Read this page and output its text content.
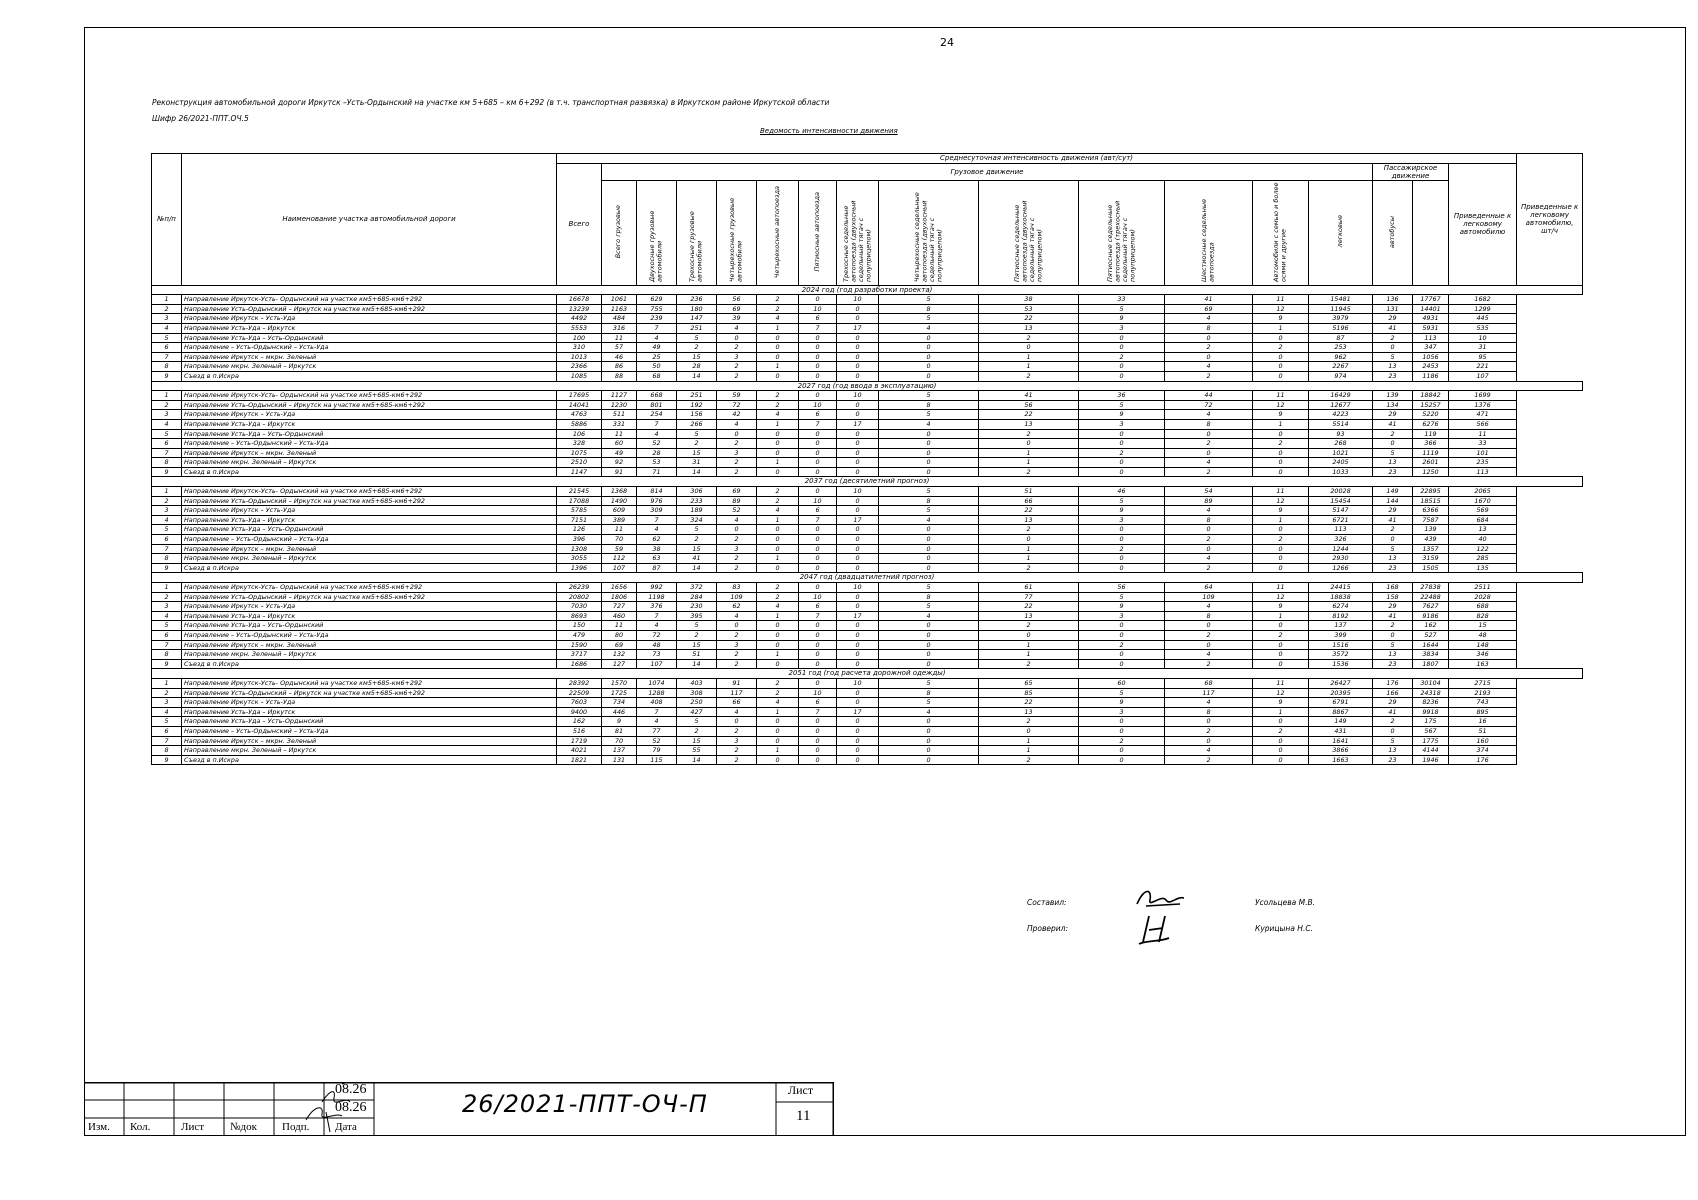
24
Реконструкция автомобильной дороги Иркутск –Усть-Ордынский на участке км 5+685 – км 6+292 (в т.ч. транспортная развязка) в Иркутском районе Иркутской области
Шифр 26/2021-ППТ.ОЧ.5
Ведомость интенсивности движения
№п/п	Наименование участка автомобильной дороги	Среднесуточная интенсивность движения (авт/сут)																	Приведенные к легковому автомобилю, шт/ч
		Всего	Грузовое движение													Пассажирское движение		Приведенные к легковому автомобилю	
			Всего грузовые	Двухосные грузовые автомобили	Трехосные грузовые автомобили	Четырехосные грузовые автомобили	Четырехосные автопоезда	Пятиосные автопоезда	Трехосные седельные автопоезда (двухосный седельный тягач с полуприцепом)	Четырехосные седельные автопоезда (двухосный седельный тягач с полуприцепом)	Пятиосные седельные автопоезда (двухосный седельный тягач с полуприцепом)	Пятиосные седельные автопоезда (трехосный седельный тягач с полуприцепом)	Шестиосные седельные автопоезда	Автомобили с семью и более осями и другие	легковые	автобусы			
2024 год (год разработки проекта)																			
1	Направление Иркутск-Усть- Ордынский на участке км5+685-км6+292	16678	1061	629	236	56	2	0	10	5	38	33	41	11	15481	136	17767	1682	
2	Направление Усть-Ордынский – Иркутск на участке км5+685-км6+292	13239	1163	755	180	69	2	10	0	8	53	5	69	12	11945	131	14401	1299	
3	Направление Иркутск – Усть-Уда	4492	484	239	147	39	4	6	0	5	22	9	4	9	3979	29	4931	445	
4	Направление Усть-Уда – Иркутск	5553	316	7	251	4	1	7	17	4	13	3	8	1	5196	41	5931	535	
5	Направление Усть-Уда – Усть-Ордынский	100	11	4	5	0	0	0	0	0	2	0	0	0	87	2	113	10	
6	Направление – Усть-Ордынский – Усть-Уда	310	57	49	2	2	0	0	0	0	0	0	2	2	253	0	347	31	
7	Направление Иркутск – мкрн. Зеленый	1013	46	25	15	3	0	0	0	0	1	2	0	0	962	5	1056	95	
8	Направление мкрн. Зеленый – Иркутск	2366	86	50	28	2	1	0	0	0	1	0	4	0	2267	13	2453	221	
9	Съезд в п.Искра	1085	88	68	14	2	0	0	0	0	2	0	2	0	974	23	1186	107	
2027 год (год ввода в эксплуатацию)																			
1	Направление Иркутск-Усть- Ордынский на участке км5+685-км6+292	17695	1127	668	251	59	2	0	10	5	41	36	44	11	16429	139	18842	1699	
2	Направление Усть-Ордынский – Иркутск на участке км5+685-км6+292	14041	1230	801	192	72	2	10	0	8	56	5	72	12	12677	134	15257	1376	
3	Направление Иркутск – Усть-Уда	4763	511	254	156	42	4	6	0	5	22	9	4	9	4223	29	5220	471	
4	Направление Усть-Уда – Иркутск	5886	331	7	266	4	1	7	17	4	13	3	8	1	5514	41	6276	566	
5	Направление Усть-Уда – Усть-Ордынский	106	11	4	5	0	0	0	0	0	2	0	0	0	93	2	119	11	
6	Направление – Усть-Ордынский – Усть-Уда	328	60	52	2	2	0	0	0	0	0	0	2	2	268	0	366	33	
7	Направление Иркутск – мкрн. Зеленый	1075	49	28	15	3	0	0	0	0	1	2	0	0	1021	5	1119	101	
8	Направление мкрн. Зеленый – Иркутск	2510	92	53	31	2	1	0	0	0	1	0	4	0	2405	13	2601	235	
9	Съезд в п.Искра	1147	91	71	14	2	0	0	0	0	2	0	2	0	1033	23	1250	113	
2037 год (десятилетний прогноз)																			
1	Направление Иркутск-Усть- Ордынский на участке км5+685-км6+292	21545	1368	814	306	69	2	0	10	5	51	46	54	11	20028	149	22895	2065	
2	Направление Усть-Ордынский – Иркутск на участке км5+685-км6+292	17088	1490	976	233	89	2	10	0	8	66	5	89	12	15454	144	18515	1670	
3	Направление Иркутск – Усть-Уда	5785	609	309	189	52	4	6	0	5	22	9	4	9	5147	29	6366	569	
4	Направление Усть-Уда – Иркутск	7151	389	7	324	4	1	7	17	4	13	3	8	1	6721	41	7587	684	
5	Направление Усть-Уда – Усть-Ордынский	126	11	4	5	0	0	0	0	0	2	0	0	0	113	2	139	13	
6	Направление – Усть-Ордынский – Усть-Уда	396	70	62	2	2	0	0	0	0	0	0	2	2	326	0	439	40	
7	Направление Иркутск – мкрн. Зеленый	1308	59	38	15	3	0	0	0	0	1	2	0	0	1244	5	1357	122	
8	Направление мкрн. Зеленый – Иркутск	3055	112	63	41	2	1	0	0	0	1	0	4	0	2930	13	3159	285	
9	Съезд в п.Искра	1396	107	87	14	2	0	0	0	0	2	0	2	0	1266	23	1505	135	
2047 год (двадцатилетний прогноз)																			
1	Направление Иркутск-Усть- Ордынский на участке км5+685-км6+292	26239	1656	992	372	83	2	0	10	5	61	56	64	11	24415	168	27838	2511	
2	Направление Усть-Ордынский – Иркутск на участке км5+685-км6+292	20802	1806	1198	284	109	2	10	0	8	77	5	109	12	18838	158	22488	2028	
3	Направление Иркутск – Усть-Уда	7030	727	376	230	62	4	6	0	5	22	9	4	9	6274	29	7627	688	
4	Направление Усть-Уда – Иркутск	8693	460	7	395	4	1	7	17	4	13	3	8	1	8192	41	9186	828	
5	Направление Усть-Уда – Усть-Ордынский	150	11	4	5	0	0	0	0	0	2	0	0	0	137	2	162	15	
6	Направление – Усть-Ордынский – Усть-Уда	479	80	72	2	2	0	0	0	0	0	0	2	2	399	0	527	48	
7	Направление Иркутск – мкрн. Зеленый	1590	69	48	15	3	0	0	0	0	1	2	0	0	1516	5	1644	148	
8	Направление мкрн. Зеленый – Иркутск	3717	132	73	51	2	1	0	0	0	1	0	4	0	3572	13	3834	346	
9	Съезд в п.Искра	1686	127	107	14	2	0	0	0	0	2	0	2	0	1536	23	1807	163	
2051 год (год расчета дорожной одежды)																			
1	Направление Иркутск-Усть- Ордынский на участке км5+685-км6+292	28392	1570	1074	403	91	2	0	10	5	65	60	68	11	26427	176	30104	2715	
2	Направление Усть-Ордынский – Иркутск на участке км5+685-км6+292	22509	1725	1288	308	117	2	10	0	8	85	5	117	12	20395	166	24318	2193	
3	Направление Иркутск – Усть-Уда	7603	734	408	250	66	4	6	0	5	22	9	4	9	6791	29	8236	743	
4	Направление Усть-Уда – Иркутск	9400	446	7	427	4	1	7	17	4	13	3	8	1	8867	41	9918	895	
5	Направление Усть-Уда – Усть-Ордынский	162	9	4	5	0	0	0	0	0	2	0	0	0	149	2	175	16	
6	Направление – Усть-Ордынский – Усть-Уда	516	81	77	2	2	0	0	0	0	0	0	2	2	431	0	567	51	
7	Направление Иркутск – мкрн. Зеленый	1719	70	52	15	3	0	0	0	0	1	2	0	0	1641	5	1775	160	
8	Направление мкрн. Зеленый – Иркутск	4021	137	79	55	2	1	0	0	0	1	0	4	0	3866	13	4144	374	
9	Съезд в п.Искра	1821	131	115	14	2	0	0	0	0	2	0	2	0	1663	23	1946	176	
Составил:	Усольцева М.В.
Проверил:	Курицына Н.С.
08.26
08.26
Изм. Кол.	Лист №док Подп. Дата
26/2021-ППТ-ОЧ-П	Лист
11
